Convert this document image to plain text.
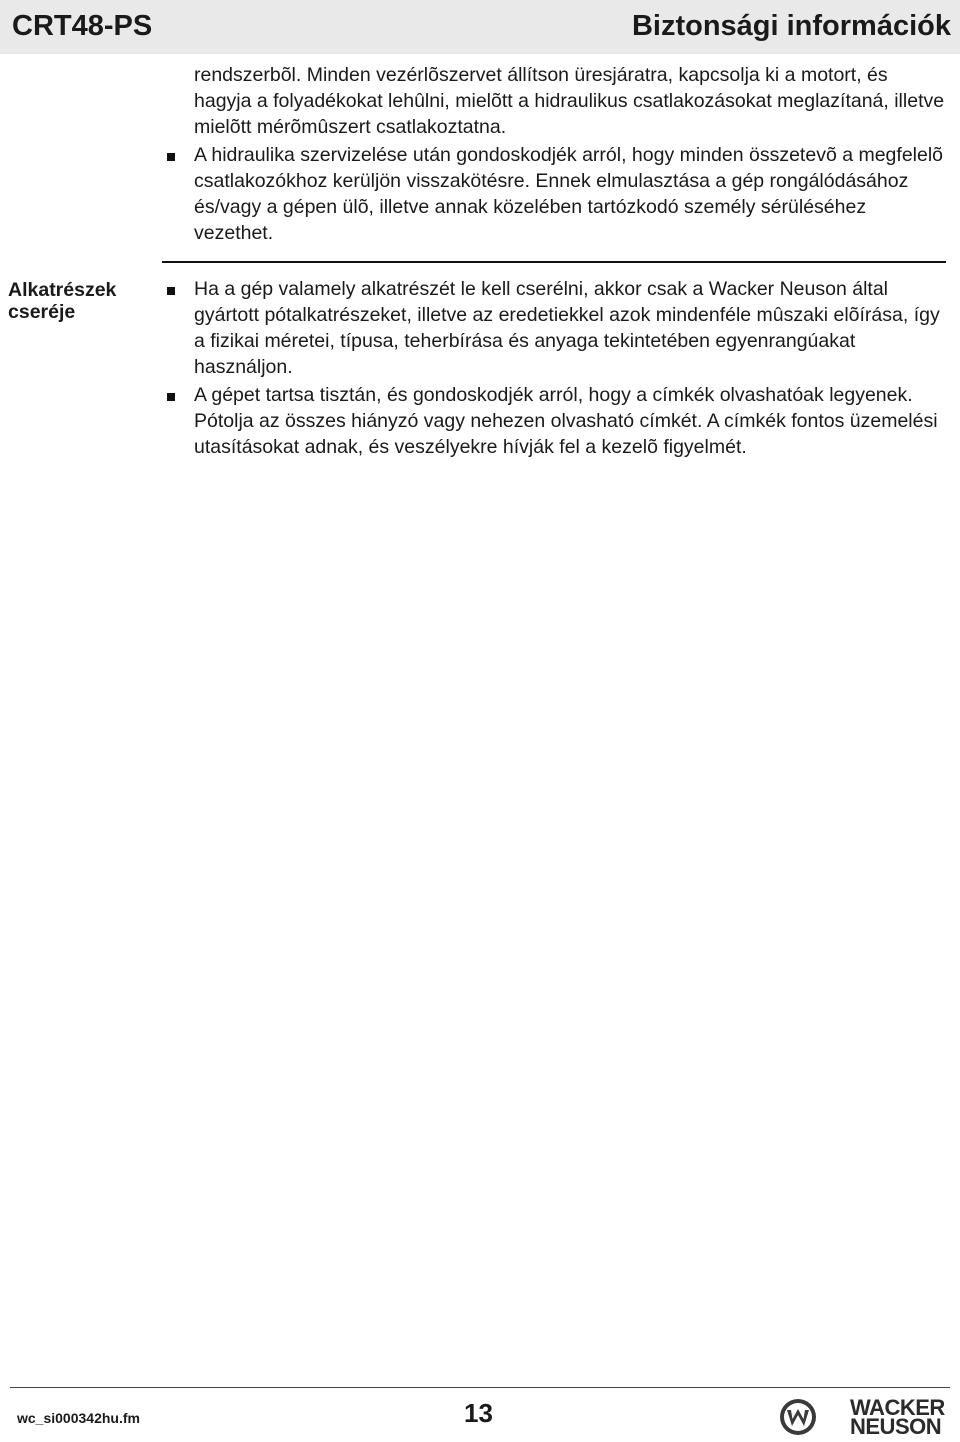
CRT48-PS	Biztonsági információk
rendszerbõl. Minden vezérlõszervet állítson üresjáratra, kapcsolja ki a motort, és hagyja a folyadékokat lehûlni, mielõtt a hidraulikus csatlakozásokat meglazítaná, illetve mielõtt mérõmûszert csatlakoztatna.
A hidraulika szervizelése után gondoskodjék arról, hogy minden összetevõ a megfelelõ csatlakozókhoz kerüljön visszakötésre. Ennek elmulasztása a gép rongálódásához és/vagy a gépen ülõ, illetve annak közelében tartózkodó személy sérüléséhez vezethet.
Alkatrészek cseréje
Ha a gép valamely alkatrészét le kell cserélni, akkor csak a Wacker Neuson által gyártott pótalkatrészeket, illetve az eredetiekkel azok mindenféle mûszaki elõírása, így a fizikai méretei, típusa, teherbírása és anyaga tekintetében egyenrangúakat használjon.
A gépet tartsa tisztán, és gondoskodjék arról, hogy a címkék olvashatóak legyenek. Pótolja az összes hiányzó vagy nehezen olvasható címkét. A címkék fontos üzemelési utasításokat adnak, és veszélyekre hívják fel a kezelõ figyelmét.
wc_si000342hu.fm	13	WACKER
NEUSON
